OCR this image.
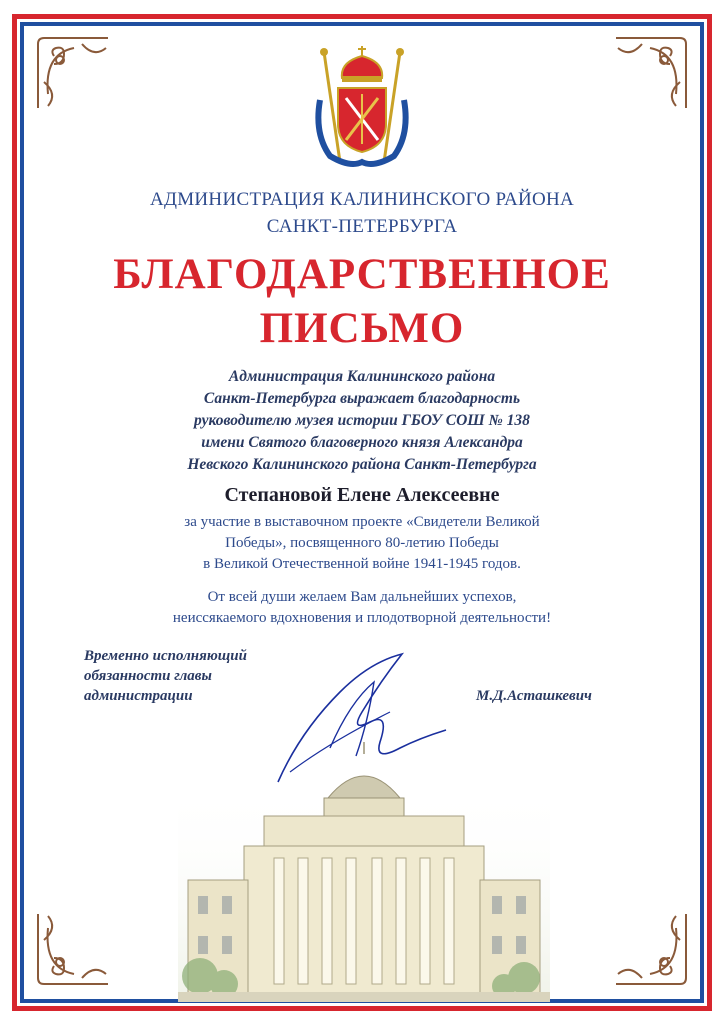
АДМИНИСТРАЦИЯ КАЛИНИНСКОГО РАЙОНА
САНКТ-ПЕТЕРБУРГА
БЛАГОДАРСТВЕННОЕ
ПИСЬМО
Администрация Калининского района
Санкт-Петербурга выражает благодарность
руководителю музея истории ГБОУ СОШ № 138
имени Святого благоверного князя Александра
Невского Калининского района Санкт-Петербурга
Степановой Елене Алексеевне
за участие в выставочном проекте «Свидетели Великой
Победы», посвященного 80-летию Победы
в Великой Отечественной войне 1941-1945 годов.
От всей души желаем Вам дальнейших успехов,
неиссякаемого вдохновения и плодотворной деятельности!
Временно исполняющий
обязанности главы
администрации	М.Д.Асташкевич
